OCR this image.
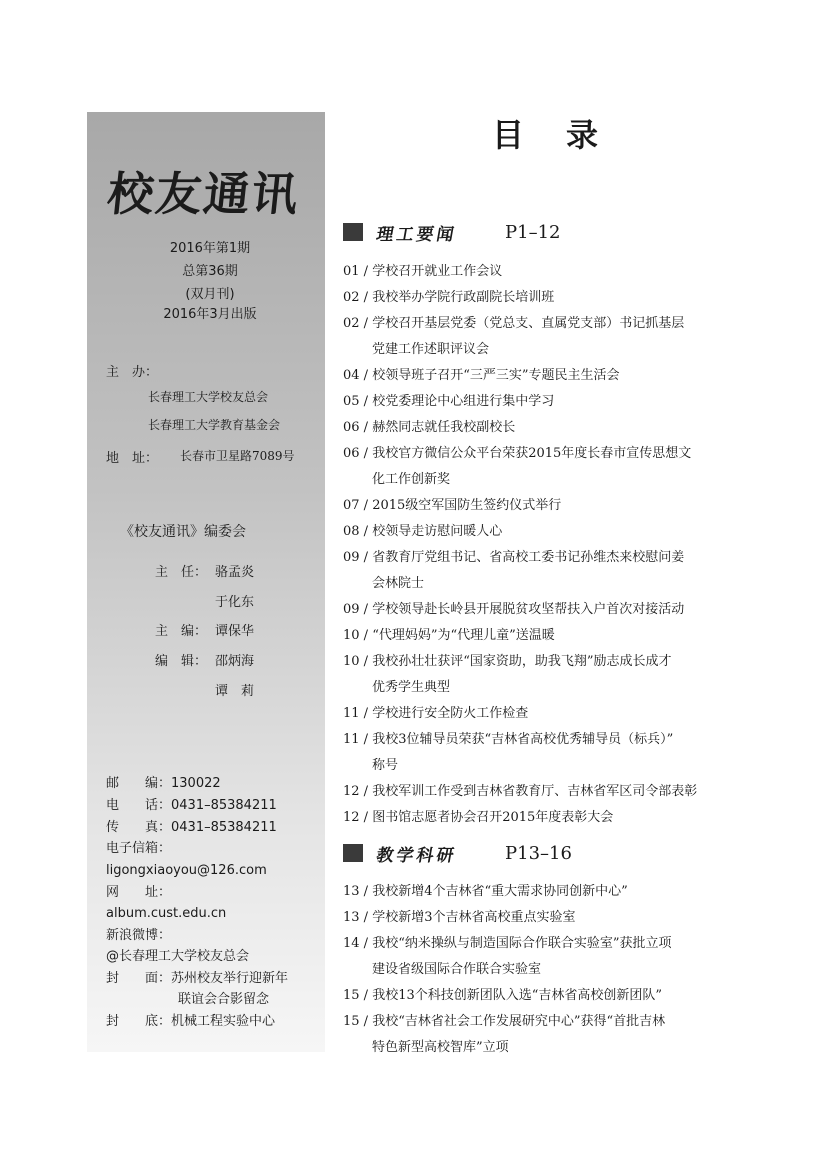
校友通讯
2016年第1期
总第36期
(双月刊)
2016年3月出版
主　办：
长春理工大学校友总会
长春理工大学教育基金会
地　址： 长春市卫星路7089号
《校友通讯》编委会
主　任： 骆孟炎
于化东
主　编： 谭保华
编　辑： 邵炳海
谭　莉
邮　　编：130022
电　　话：0431–85384211
传　　真：0431–85384211
电子信箱：
ligongxiaoyou@126.com
网　　址：
album.cust.edu.cn
新浪微博：
@长春理工大学校友总会
封　　面：苏州校友举行迎新年
联谊会合影留念
封　　底：机械工程实验中心
目 录
理工要闻	P1–12
01 / 学校召开就业工作会议
02 / 我校举办学院行政副院长培训班
02 / 学校召开基层党委（党总支、直属党支部）书记抓基层
党建工作述职评议会
04 / 校领导班子召开“三严三实”专题民主生活会
05 / 校党委理论中心组进行集中学习
06 / 赫然同志就任我校副校长
06 / 我校官方微信公众平台荣获2015年度长春市宣传思想文
化工作创新奖
07 / 2015级空军国防生签约仪式举行
08 / 校领导走访慰问暖人心
09 / 省教育厅党组书记、省高校工委书记孙维杰来校慰问姜
会林院士
09 / 学校领导赴长岭县开展脱贫攻坚帮扶入户首次对接活动
10 / “代理妈妈”为“代理儿童”送温暖
10 / 我校孙壮壮获评“国家资助，助我飞翔”励志成长成才
优秀学生典型
11 / 学校进行安全防火工作检查
11 / 我校3位辅导员荣获“吉林省高校优秀辅导员（标兵）”
称号
12 / 我校军训工作受到吉林省教育厅、吉林省军区司令部表彰
12 / 图书馆志愿者协会召开2015年度表彰大会
教学科研	P13–16
13 / 我校新增4个吉林省“重大需求协同创新中心”
13 / 学校新增3个吉林省高校重点实验室
14 / 我校“纳米操纵与制造国际合作联合实验室”获批立项
建设省级国际合作联合实验室
15 / 我校13个科技创新团队入选“吉林省高校创新团队”
15 / 我校“吉林省社会工作发展研究中心”获得“首批吉林
特色新型高校智库”立项
